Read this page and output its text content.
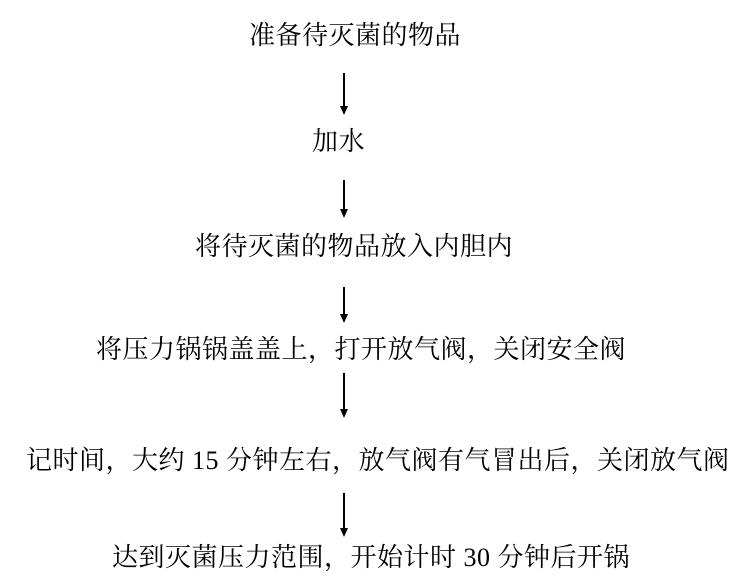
准备待灭菌的物品
加水
将待灭菌的物品放入内胆内
将压力锅锅盖盖上，打开放气阀，关闭安全阀
记时间，大约 15 分钟左右，放气阀有气冒出后，关闭放气阀
达到灭菌压力范围，开始计时 30 分钟后开锅
